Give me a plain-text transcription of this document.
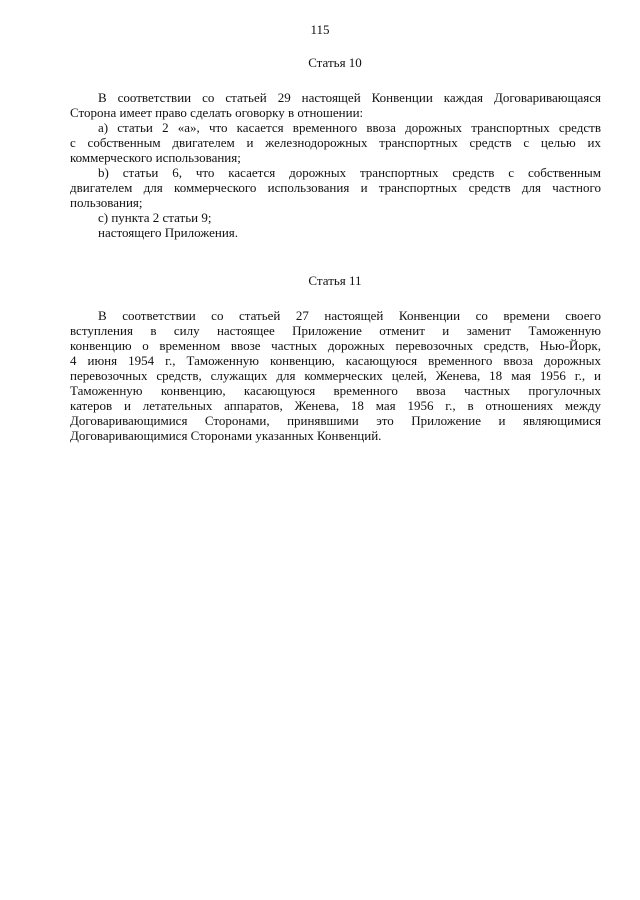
115
Статья 10
В соответствии со статьей 29 настоящей Конвенции каждая Договаривающаяся
Сторона имеет право сделать оговорку в отношении:
a) статьи 2 «a», что касается временного ввоза дорожных транспортных средств
с собственным двигателем и железнодорожных транспортных средств с целью их
коммерческого использования;
b) статьи 6, что касается дорожных транспортных средств с собственным
двигателем для коммерческого использования и транспортных средств для частного
пользования;
c) пункта 2 статьи 9;
настоящего Приложения.
Статья 11
В соответствии со статьей 27 настоящей Конвенции со времени своего
вступления в силу настоящее Приложение отменит и заменит Таможенную
конвенцию о временном ввозе частных дорожных перевозочных средств, Нью-Йорк,
4 июня 1954 г., Таможенную конвенцию, касающуюся временного ввоза дорожных
перевозочных средств, служащих для коммерческих целей, Женева, 18 мая 1956 г., и
Таможенную конвенцию, касающуюся временного ввоза частных прогулочных
катеров и летательных аппаратов, Женева, 18 мая 1956 г., в отношениях между
Договаривающимися Сторонами, принявшими это Приложение и являющимися
Договаривающимися Сторонами указанных Конвенций.
